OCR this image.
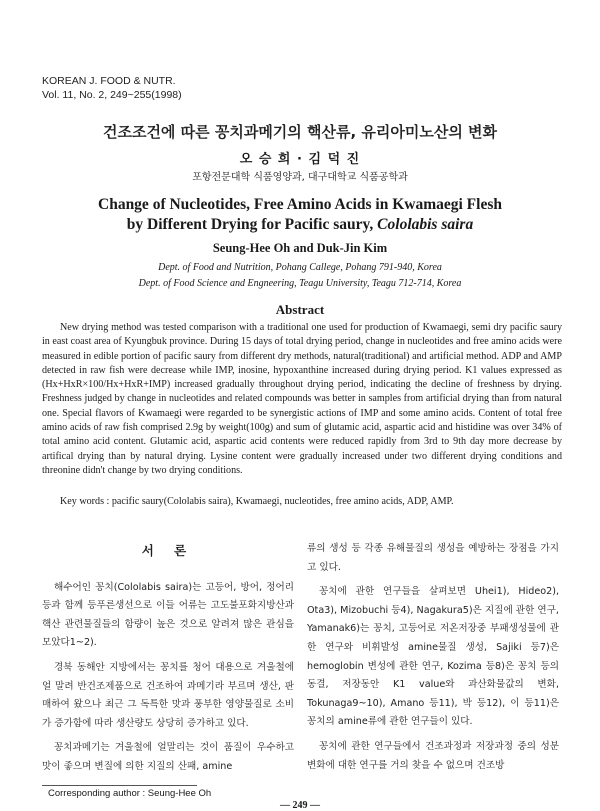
KOREAN J. FOOD & NUTR.
Vol. 11, No. 2, 249~255(1998)
건조조건에 따른 꽁치과메기의 핵산류, 유리아미노산의 변화
오 승 희 · 김 덕 진
포항전문대학 식품영양과, 대구대학교 식품공학과
Change of Nucleotides, Free Amino Acids in Kwamaegi Flesh
by Different Drying for Pacific saury, Cololabis saira
Seung-Hee Oh and Duk-Jin Kim
Dept. of Food and Nutrition, Pohang Callege, Pohang 791-940, Korea
Dept. of Food Science and Engneering, Teagu University, Teagu 712-714, Korea
Abstract

New drying method was tested comparison with a traditional one used for production of Kwamaegi, semi dry pacific saury in east coast area of Kyungbuk province. During 15 days of total drying period, change in nucleotides and free amino acids were measured in edible portion of pacific saury from different dry methods, natural(traditional) and artificial method. ADP and AMP detected in raw fish were decrease while IMP, inosine, hypoxanthine increased during drying period. K1 values expressed as (Hx+HxR×100/Hx+HxR+IMP) increased gradually throughout drying period, indicating the decline of freshness by drying. Freshness judged by change in nucleotides and related compounds was better in samples from artificial drying than from natural one. Special flavors of Kwamaegi were regarded to be synergistic actions of IMP and some amino acids. Content of total free amino acids of raw fish comprised 2.9g by weight(100g) and sum of glutamic acid, aspartic acid and histidine was over 34% of total amino acid content. Glutamic acid, aspartic acid contents were reduced rapidly from 3rd to 9th day more decrease by artifical drying than by natural drying. Lysine content were gradually increased under two different drying conditions and threonine didn't change by two drying conditions.

Key words : pacific saury(Cololabis saira), Kwamaegi, nucleotides, free amino acids, ADP, AMP.
서 론

해수어인 꽁치(Cololabis saira)는 고등어, 방어, 정어리 등과 함께 등푸른생선으로 이들 어류는 고도불포화지방산과 핵산 관련물질들의 함량이 높은 것으로 알려져 많은 관심을 모았다1~2).

경북 동해안 지방에서는 꽁치를 청어 대용으로 겨울철에 얼 말려 반건조제품으로 건조하여 과메기라 부르며 생산, 판매하여 왔으나 최근 그 독특한 맛과 풍부한 영양물질로 소비가 증가함에 따라 생산량도 상당히 증가하고 있다.

꽁치과메기는 겨울철에 얼말리는 것이 품질이 우수하고 맛이 좋으며 변질에 의한 지질의 산패, amine

류의 생성 등 각종 유해물질의 생성을 예방하는 장점을 가지고 있다.

꽁치에 관한 연구들을 살펴보면 Uhei1), Hideo2), Ota3), Mizobuchi 등4), Nagakura5)은 지질에 관한 연구, Yamanak6)는 꽁치, 고등어로 저온저장중 부패생성물에 관한 연구와 비휘발성 amine물질 생성, Sajiki 등7)은 hemoglobin 변성에 관한 연구, Kozima 등8)은 꽁치 등의 동결, 저장동안 K1 value와 과산화물값의 변화, Tokunaga9~10), Amano 등11), 박 등12), 이 등11)은 꽁치의 amine류에 관한 연구들이 있다.

꽁치에 관한 연구들에서 건조과정과 저장과정 중의 성분 변화에 대한 연구를 거의 찾을 수 없으며 건조방

Corresponding author : Seung-Hee Oh
— 249 —
